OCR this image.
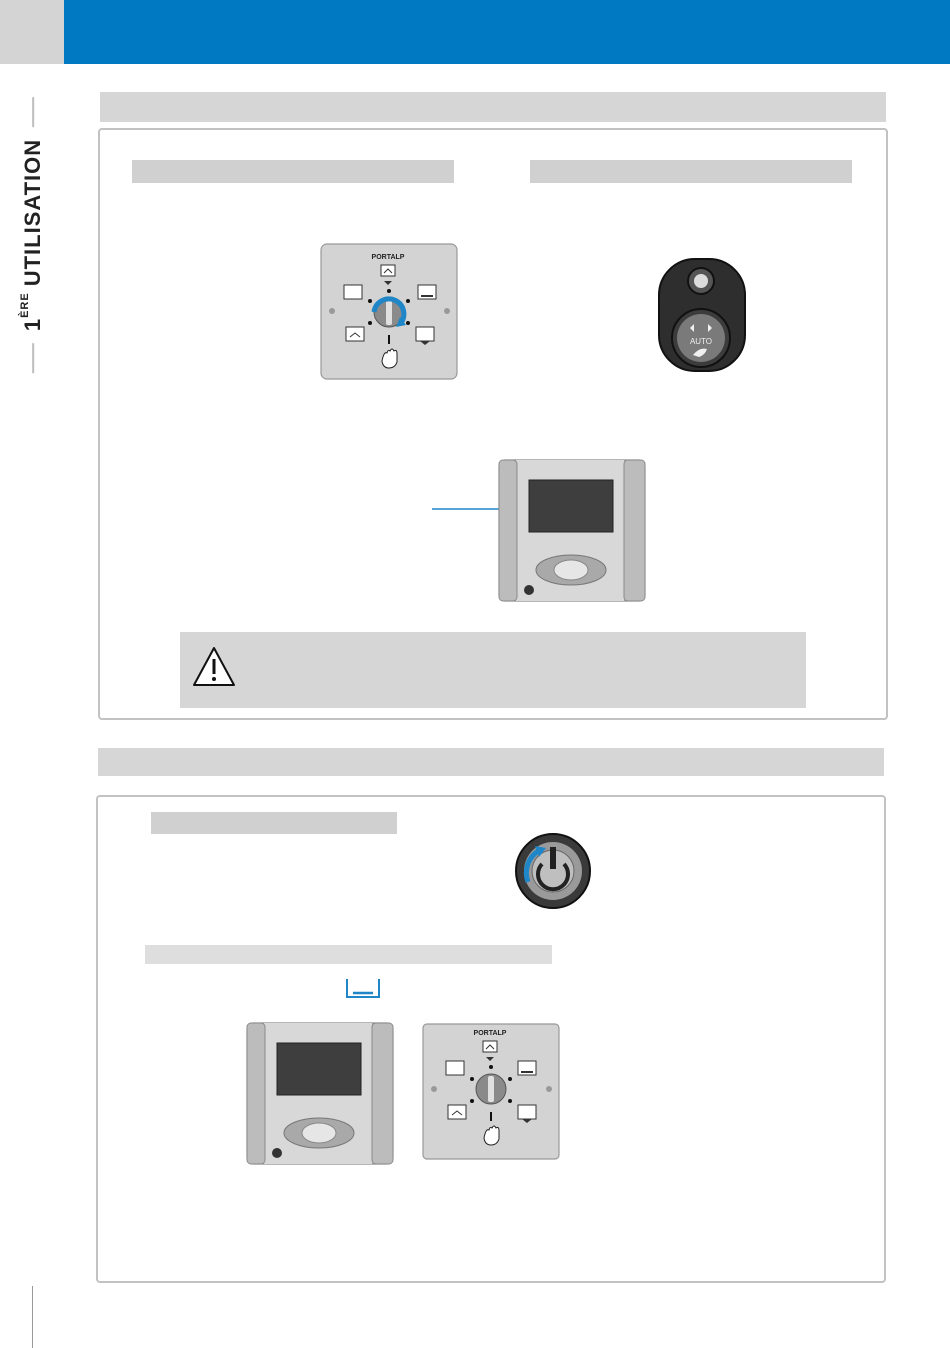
1
$^{ÈRE}$
UTILISATION	PORTALP
AUTO
PORTALP
